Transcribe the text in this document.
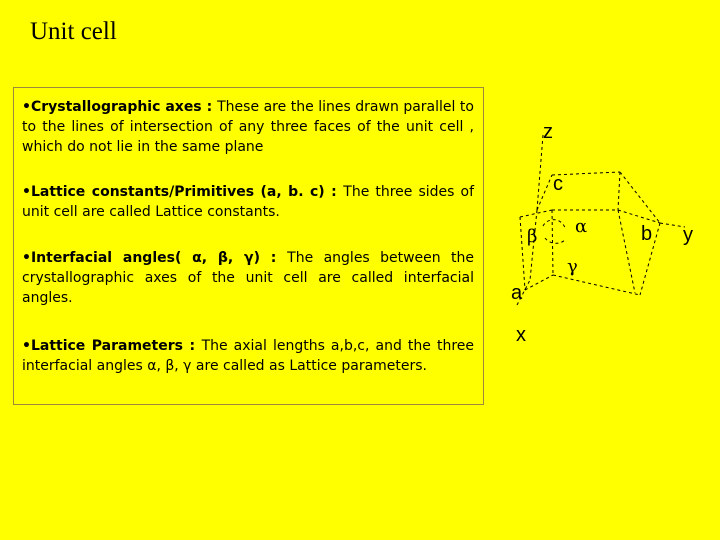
Unit cell
•Crystallographic axes : These are the lines drawn parallel to to the lines of intersection of any three faces of the unit cell , which do not lie in the same plane
•Lattice constants/Primitives (a, b. c) : The three sides of unit cell are called Lattice constants.
•Interfacial angles( α, β, γ) : The angles between the crystallographic axes of the unit cell are called interfacial angles.
•Lattice Parameters : The axial lengths a,b,c, and the three interfacial angles α, β, γ are called as Lattice parameters.
z
c
b y
a
x
α
β
γ
